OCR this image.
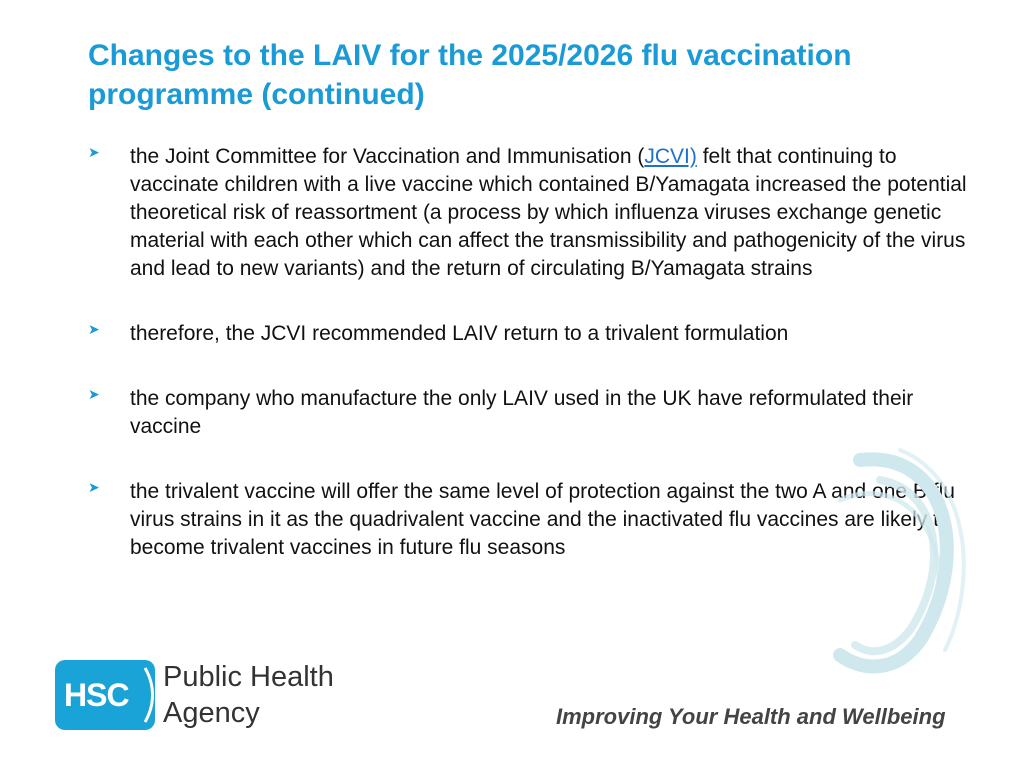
Changes to the LAIV for the 2025/2026 flu vaccination programme (continued)
➤ the Joint Committee for Vaccination and Immunisation (JCVI) felt that continuing to vaccinate children with a live vaccine which contained B/Yamagata increased the potential theoretical risk of reassortment (a process by which influenza viruses exchange genetic material with each other which can affect the transmissibility and pathogenicity of the virus and lead to new variants) and the return of circulating B/Yamagata strains
➤ therefore, the JCVI recommended LAIV return to a trivalent formulation
➤ the company who manufacture the only LAIV used in the UK have reformulated their vaccine
➤ the trivalent vaccine will offer the same level of protection against the two A and one B flu virus strains in it as the quadrivalent vaccine and the inactivated flu vaccines are likely to become trivalent vaccines in future flu seasons
HSC Public Health
Agency	Improving Your Health and Wellbeing
